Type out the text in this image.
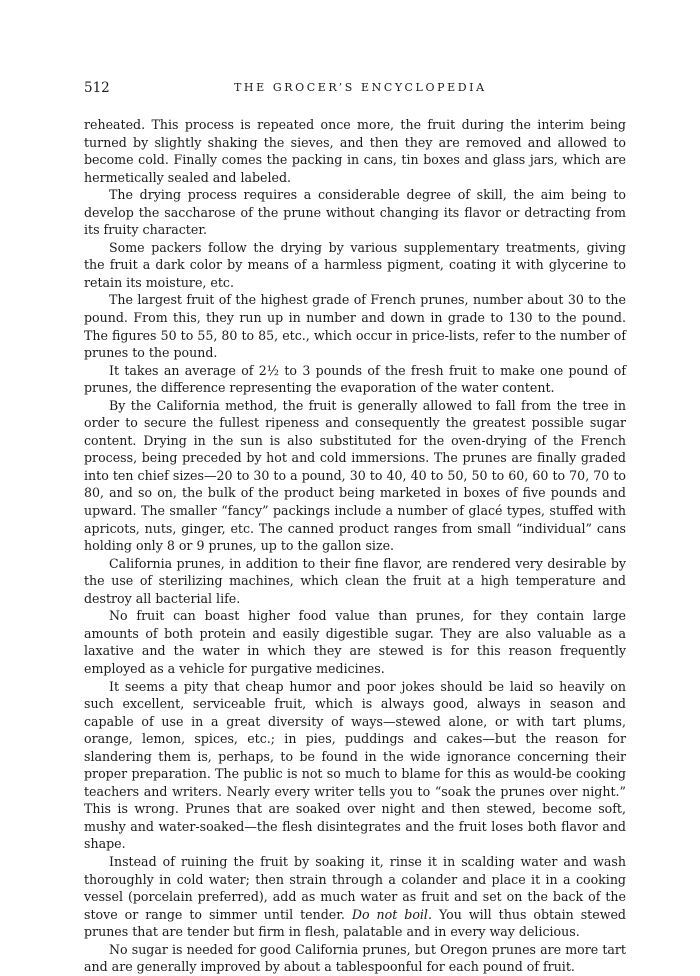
512	THE GROCER’S ENCYCLOPEDIA

reheated. This process is repeated once more, the fruit during the interim being turned by slightly shaking the sieves, and then they are removed and allowed to become cold. Finally comes the packing in cans, tin boxes and glass jars, which are hermetically sealed and labeled.

The drying process requires a considerable degree of skill, the aim being to develop the saccharose of the prune without changing its flavor or detracting from its fruity character.

Some packers follow the drying by various supplementary treatments, giving the fruit a dark color by means of a harmless pigment, coating it with glycerine to retain its moisture, etc.

The largest fruit of the highest grade of French prunes, number about 30 to the pound. From this, they run up in number and down in grade to 130 to the pound. The figures 50 to 55, 80 to 85, etc., which occur in price-lists, refer to the number of prunes to the pound.

It takes an average of 2½ to 3 pounds of the fresh fruit to make one pound of prunes, the difference representing the evaporation of the water content.

By the California method, the fruit is generally allowed to fall from the tree in order to secure the fullest ripeness and consequently the greatest possible sugar content. Drying in the sun is also substituted for the oven-drying of the French process, being preceded by hot and cold immersions. The prunes are finally graded into ten chief sizes—20 to 30 to a pound, 30 to 40, 40 to 50, 50 to 60, 60 to 70, 70 to 80, and so on, the bulk of the product being marketed in boxes of five pounds and upward. The smaller “fancy” packings include a number of glacé types, stuffed with apricots, nuts, ginger, etc. The canned product ranges from small “individual” cans holding only 8 or 9 prunes, up to the gallon size.

California prunes, in addition to their fine flavor, are rendered very desirable by the use of sterilizing machines, which clean the fruit at a high temperature and destroy all bacterial life.

No fruit can boast higher food value than prunes, for they contain large amounts of both protein and easily digestible sugar. They are also valuable as a laxative and the water in which they are stewed is for this reason frequently employed as a vehicle for purgative medicines.

It seems a pity that cheap humor and poor jokes should be laid so heavily on such excellent, serviceable fruit, which is always good, always in season and capable of use in a great diversity of ways—stewed alone, or with tart plums, orange, lemon, spices, etc.; in pies, puddings and cakes—but the reason for slandering them is, perhaps, to be found in the wide ignorance concerning their proper preparation. The public is not so much to blame for this as would-be cooking teachers and writers. Nearly every writer tells you to “soak the prunes over night.” This is wrong. Prunes that are soaked over night and then stewed, become soft, mushy and water-soaked—the flesh disintegrates and the fruit loses both flavor and shape.

Instead of ruining the fruit by soaking it, rinse it in scalding water and wash thoroughly in cold water; then strain through a colander and place it in a cooking vessel (porcelain preferred), add as much water as fruit and set on the back of the stove or range to simmer until tender. Do not boil. You will thus obtain stewed prunes that are tender but firm in flesh, palatable and in every way delicious.

No sugar is needed for good California prunes, but Oregon prunes are more tart and are generally improved by about a tablespoonful for each pound of fruit.
